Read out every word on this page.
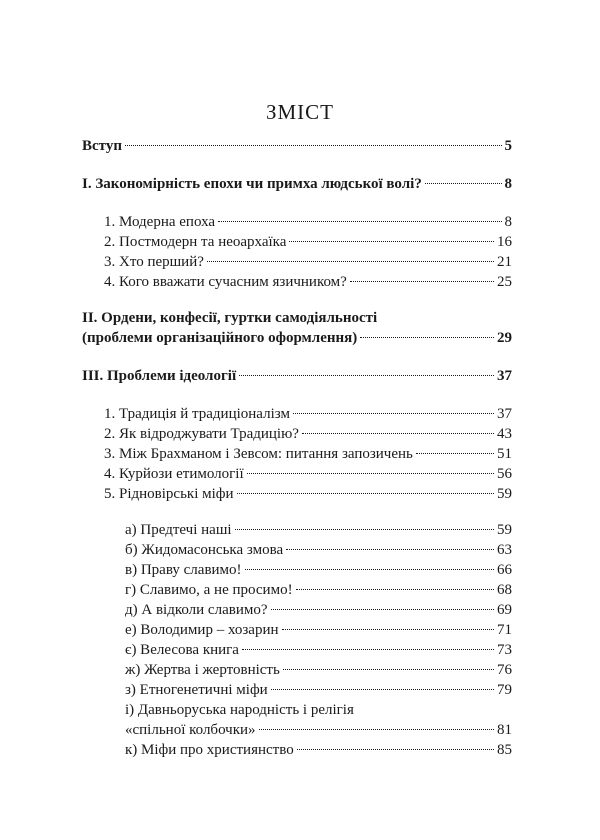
ЗМІСТ
Вступ	5
І. Закономірність епохи чи примха людської волі?	8
1. Модерна епоха	8
2. Постмодерн та неоархаїка	16
3. Хто перший?	21
4. Кого вважати сучасним язичником?	25
ІІ. Ордени, конфесії, гуртки самодіяльності
(проблеми організаційного оформлення)	29
ІІІ. Проблеми ідеології	37
1. Традиція й традиціоналізм	37
2. Як відроджувати Традицію?	43
3. Між Брахманом і Зевсом: питання запозичень	51
4. Курйози етимології	56
5. Рідновірські міфи	59
а) Предтечі наші	59
б) Жидомасонська змова	63
в) Праву славимо!	66
г) Славимо, а не просимо!	68
д) А відколи славимо?	69
е) Володимир – хозарин	71
є) Велесова книга	73
ж) Жертва і жертовність	76
з) Етногенетичні міфи	79
і) Давньоруська народність і релігія
«спільної колбочки»	81
к) Міфи про християнство	85
